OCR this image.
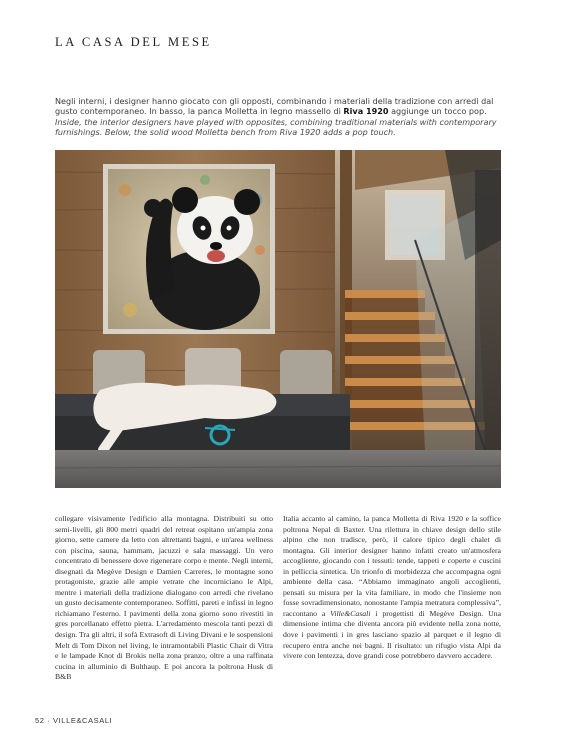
LA CASA DEL MESE

Negli interni, i designer hanno giocato con gli opposti, combinando i materiali della tradizione con arredi dal gusto contemporaneo. In basso, la panca Molletta in legno massello di Riva 1920 aggiunge un tocco pop.

Inside, the interior designers have played with opposites, combining traditional materials with contemporary furnishings. Below, the solid wood Molletta bench from Riva 1920 adds a pop touch.

collegare visivamente l'edificio alla montagna. Distribuiti su otto semi-livelli, gli 800 metri quadri del retreat ospitano un'ampia zona giorno, sette camere da letto con altrettanti bagni, e un'area wellness con piscina, sauna, hammam, jacuzzi e sala massaggi. Un vero concentrato di benessere dove rigenerare corpo e mente. Negli interni, disegnati da Megève Design e Damien Carreres, le montagne sono protagoniste, grazie alle ampie vetrate che incorniciano le Alpi, mentre i materiali della tradizione dialogano con arredi che rivelano un gusto decisamente contemporaneo. Soffitti, pareti e infissi in legno richiamano l'esterno. I pavimenti della zona giorno sono rivestiti in gres porcellanato effetto pietra. L'arredamento mescola tanti pezzi di design. Tra gli altri, il sofà Extrasoft di Living Divani e le sospensioni Melt di Tom Dixon nel living, le intramontabili Plastic Chair di Vitra e le lampade Knot di Brokis nella zona pranzo, oltre a una raffinata cucina in alluminio di Bulthaup. E poi ancora la poltrona Husk di B&B

Italia accanto al camino, la panca Molletta di Riva 1920 e la soffice poltrona Nepal di Baxter. Una rilettura in chiave design dello stile alpino che non tradisce, però, il calore tipico degli chalet di montagna. Gli interior designer hanno infatti creato un'atmosfera accogliente, giocando con i tessuti: tende, tappeti e coperte e cuscini in pelliccia sintetica. Un trionfo di morbidezza che accompagna ogni ambiente della casa. “Abbiamo immaginato angoli accoglienti, pensati su misura per la vita familiare, in modo che l'insieme non fosse sovradimensionato, nonostante l'ampia metratura complessiva”, raccontano a Ville&Casali i progettisti di Megève Design. Una dimensione intima che diventa ancora più evidente nella zona notte, dove i pavimenti i in gres lasciano spazio al parquet e il legno di recupero entra anche nei bagni. Il risultato: un rifugio vista Alpi da vivere con lentezza, dove grandi cose potrebbero davvero accadere.

52 · VILLE&CASALI
